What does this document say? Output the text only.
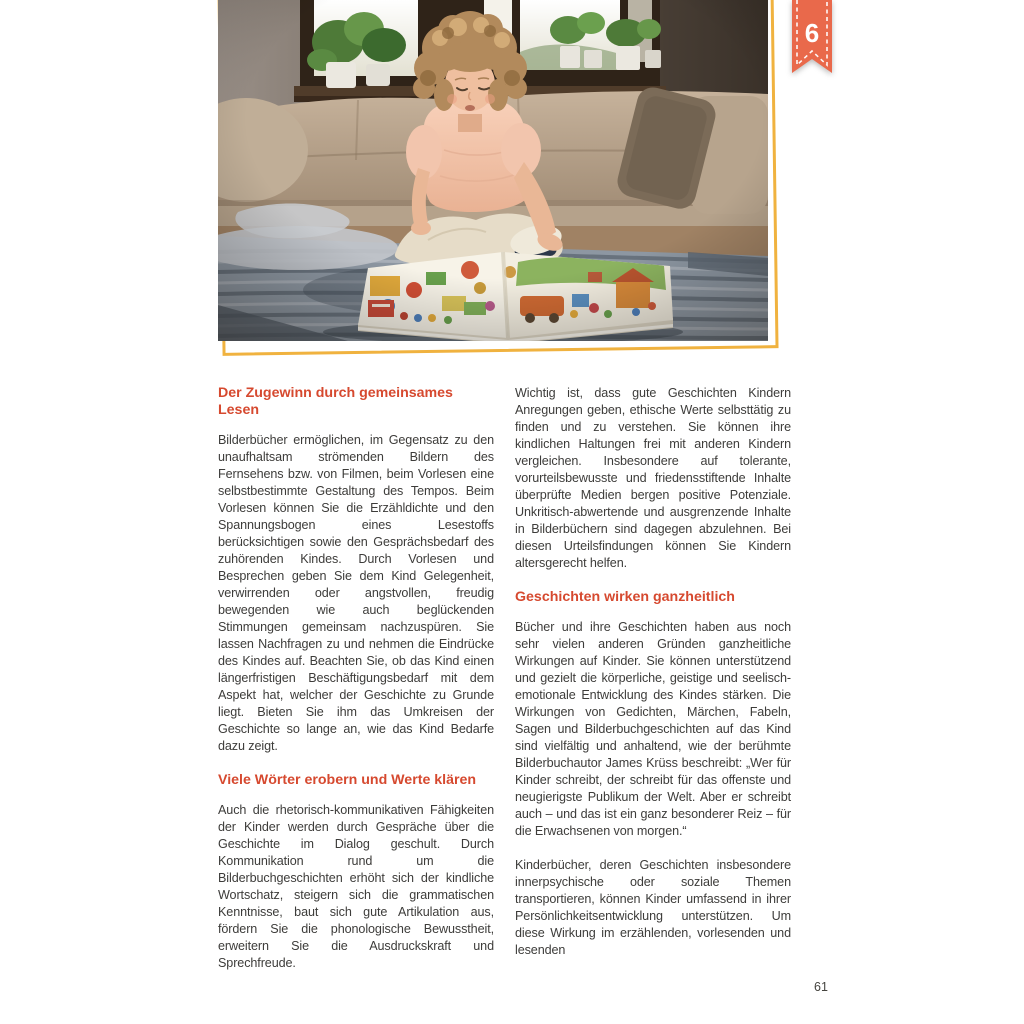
6
Der Zugewinn durch gemeinsames Lesen

Bilderbücher ermöglichen, im Gegensatz zu den unaufhaltsam strömenden Bildern des Fernsehens bzw. von Filmen, beim Vorlesen eine selbstbestimmte Gestaltung des Tempos. Beim Vorlesen können Sie die Erzähldichte und den Spannungsbogen eines Lesestoffs berücksichtigen sowie den Gesprächsbedarf des zuhörenden Kindes. Durch Vorlesen und Besprechen geben Sie dem Kind Gelegenheit, verwirrenden oder angstvollen, freudig bewegenden wie auch beglückenden Stimmungen gemeinsam nachzuspüren. Sie lassen Nachfragen zu und nehmen die Eindrücke des Kindes auf. Beachten Sie, ob das Kind einen längerfristigen Beschäftigungsbedarf mit dem Aspekt hat, welcher der Geschichte zu Grunde liegt. Bieten Sie ihm das Umkreisen der Geschichte so lange an, wie das Kind Bedarfe dazu zeigt.

Viele Wörter erobern und Werte klären

Auch die rhetorisch-kommunikativen Fähigkeiten der Kinder werden durch Gespräche über die Geschichte im Dialog geschult. Durch Kommunikation rund um die Bilderbuchgeschichten erhöht sich der kindliche Wortschatz, steigern sich die grammatischen Kenntnisse, baut sich gute Artikulation aus, fördern Sie die phonologische Bewusstheit, erweitern Sie die Ausdruckskraft und Sprechfreude.

Wichtig ist, dass gute Geschichten Kindern Anregungen geben, ethische Werte selbsttätig zu finden und zu verstehen. Sie können ihre kindlichen Haltungen frei mit anderen Kindern vergleichen. Insbesondere auf tolerante, vorurteilsbewusste und friedensstiftende Inhalte überprüfte Medien bergen positive Potenziale. Unkritisch-abwertende und ausgrenzende Inhalte in Bilderbüchern sind dagegen abzulehnen. Bei diesen Urteilsfindungen können Sie Kindern altersgerecht helfen.

Geschichten wirken ganzheitlich

Bücher und ihre Geschichten haben aus noch sehr vielen anderen Gründen ganzheitliche Wirkungen auf Kinder. Sie können unterstützend und gezielt die körperliche, geistige und seelisch-emotionale Entwicklung des Kindes stärken. Die Wirkungen von Gedichten, Märchen, Fabeln, Sagen und Bilderbuchgeschichten auf das Kind sind vielfältig und anhaltend, wie der berühmte Bilderbuchautor James Krüss beschreibt: „Wer für Kinder schreibt, der schreibt für das offenste und neugierigste Publikum der Welt. Aber er schreibt auch – und das ist ein ganz besonderer Reiz – für die Erwachsenen von morgen.“

Kinderbücher, deren Geschichten insbesondere innerpsychische oder soziale Themen transportieren, können Kinder umfassend in ihrer Persönlichkeitsentwicklung unterstützen. Um diese Wirkung im erzählenden, vorlesenden und lesenden

61
